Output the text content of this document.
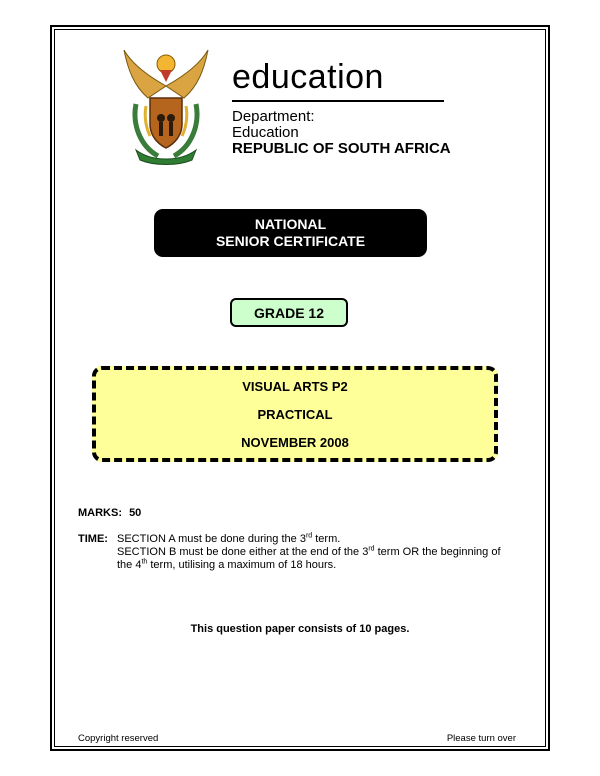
education
Department:
Education
REPUBLIC OF SOUTH AFRICA
NATIONAL
SENIOR CERTIFICATE
GRADE 12
VISUAL ARTS P2
PRACTICAL
NOVEMBER 2008
MARKS: 50
TIME: SECTION A must be done during the 3rd term.
SECTION B must be done either at the end of the 3rd term OR the beginning of
the 4th term, utilising a maximum of 18 hours.
This question paper consists of 10 pages.
Copyright reserved	Please turn over
